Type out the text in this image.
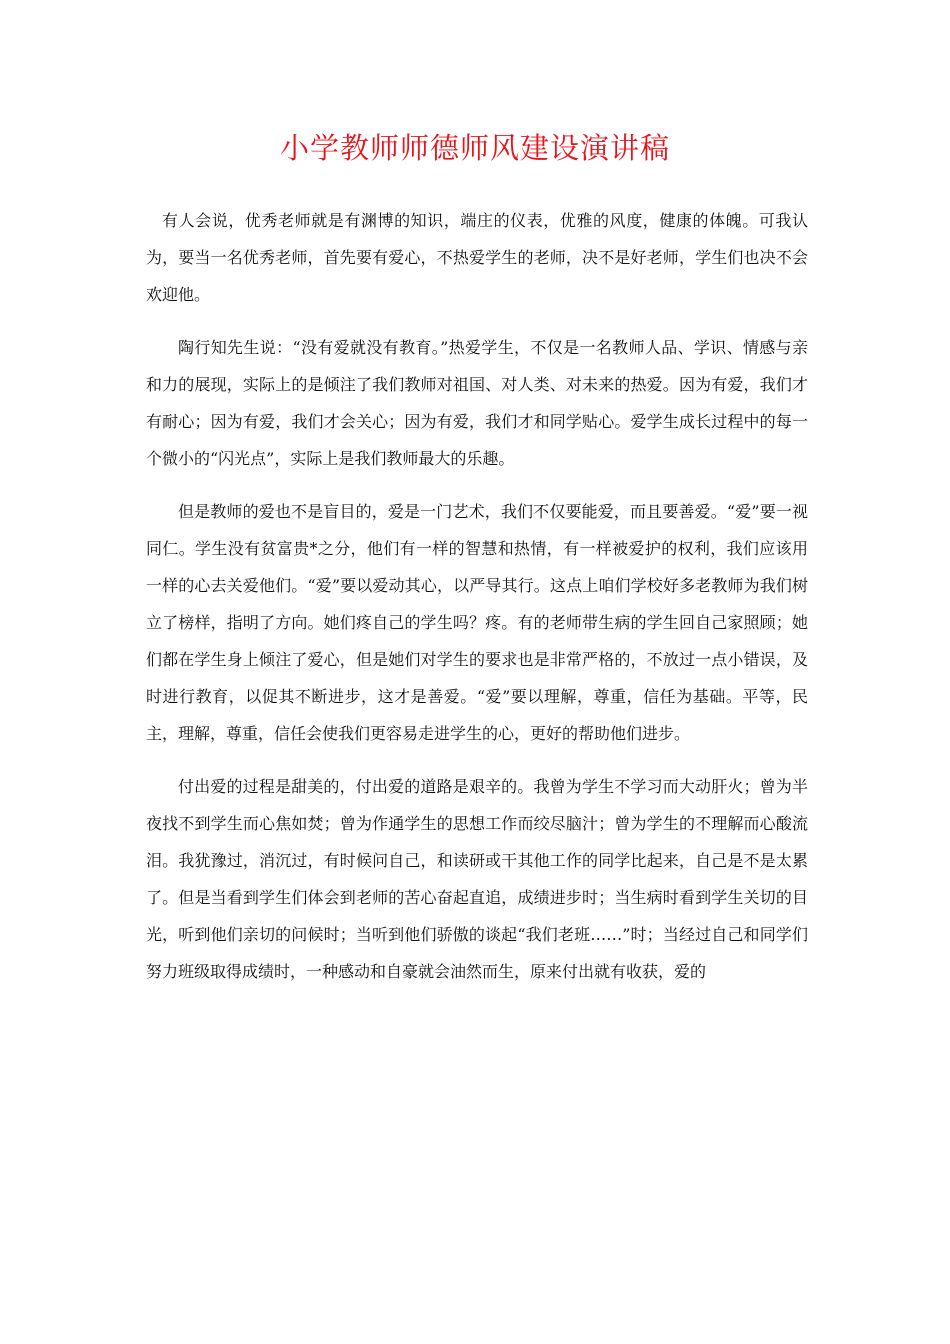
小学教师师德师风建设演讲稿

有人会说，优秀老师就是有渊博的知识，端庄的仪表，优雅的风度，健康的体魄。可我认为，要当一名优秀老师，首先要有爱心，不热爱学生的老师，决不是好老师，学生们也决不会欢迎他。

陶行知先生说：“没有爱就没有教育。”热爱学生，不仅是一名教师人品、学识、情感与亲和力的展现，实际上的是倾注了我们教师对祖国、对人类、对未来的热爱。因为有爱，我们才有耐心；因为有爱，我们才会关心；因为有爱，我们才和同学贴心。爱学生成长过程中的每一个微小的“闪光点”，实际上是我们教师最大的乐趣。

但是教师的爱也不是盲目的，爱是一门艺术，我们不仅要能爱，而且要善爱。“爱”要一视同仁。学生没有贫富贵*之分，他们有一样的智慧和热情，有一样被爱护的权利，我们应该用一样的心去关爱他们。“爱”要以爱动其心，以严导其行。这点上咱们学校好多老教师为我们树立了榜样，指明了方向。她们疼自己的学生吗？疼。有的老师带生病的学生回自己家照顾；她们都在学生身上倾注了爱心，但是她们对学生的要求也是非常严格的，不放过一点小错误，及时进行教育，以促其不断进步，这才是善爱。“爱”要以理解，尊重，信任为基础。平等，民主，理解，尊重，信任会使我们更容易走进学生的心，更好的帮助他们进步。

付出爱的过程是甜美的，付出爱的道路是艰辛的。我曾为学生不学习而大动肝火；曾为半夜找不到学生而心焦如焚；曾为作通学生的思想工作而绞尽脑汁；曾为学生的不理解而心酸流泪。我犹豫过，消沉过，有时候问自己，和读研或干其他工作的同学比起来，自己是不是太累了。但是当看到学生们体会到老师的苦心奋起直追，成绩进步时；当生病时看到学生关切的目光，听到他们亲切的问候时；当听到他们骄傲的谈起“我们老班……”时；当经过自己和同学们努力班级取得成绩时，一种感动和自豪就会油然而生，原来付出就有收获，爱的
